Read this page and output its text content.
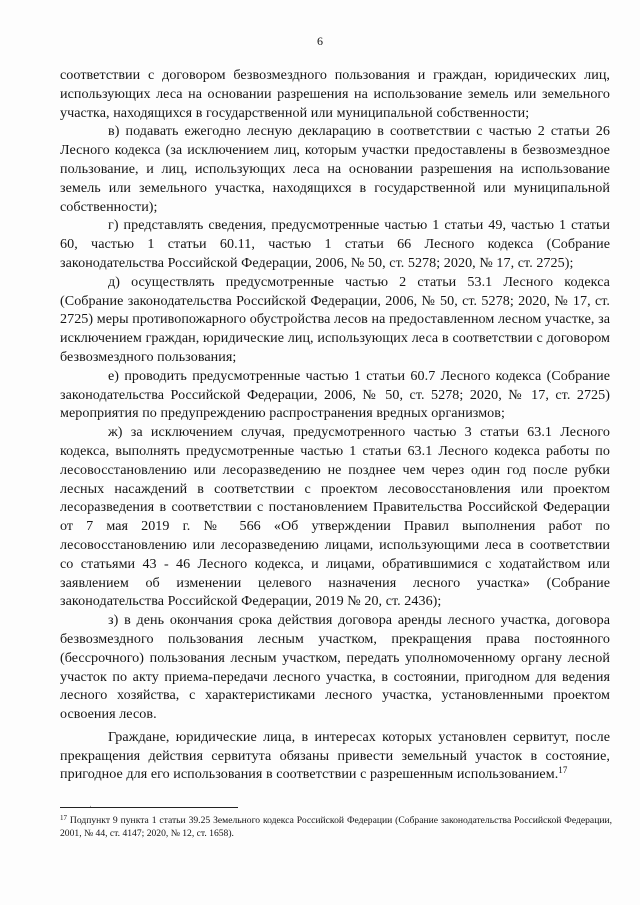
6

соответствии с договором безвозмездного пользования и граждан, юридических лиц, использующих леса на основании разрешения на использование земель или земельного участка, находящихся в государственной или муниципальной собственности;

в) подавать ежегодно лесную декларацию в соответствии с частью 2 статьи 26 Лесного кодекса (за исключением лиц, которым участки предоставлены в безвозмездное пользование, и лиц, использующих леса на основании разрешения на использование земель или земельного участка, находящихся в государственной или муниципальной собственности);

г) представлять сведения, предусмотренные частью 1 статьи 49, частью 1 статьи 60, частью 1 статьи 60.11, частью 1 статьи 66 Лесного кодекса (Собрание законодательства Российской Федерации, 2006, № 50, ст. 5278; 2020, № 17, ст. 2725);

д) осуществлять предусмотренные частью 2 статьи 53.1 Лесного кодекса (Собрание законодательства Российской Федерации, 2006, № 50, ст. 5278; 2020, № 17, ст. 2725) меры противопожарного обустройства лесов на предоставленном лесном участке, за исключением граждан, юридические лиц, использующих леса в соответствии с договором безвозмездного пользования;

е) проводить предусмотренные частью 1 статьи 60.7 Лесного кодекса (Собрание законодательства Российской Федерации, 2006, № 50, ст. 5278; 2020, № 17, ст. 2725) мероприятия по предупреждению распространения вредных организмов;

ж) за исключением случая, предусмотренного частью 3 статьи 63.1 Лесного кодекса, выполнять предусмотренные частью 1 статьи 63.1 Лесного кодекса работы по лесовосстановлению или лесоразведению не позднее чем через один год после рубки лесных насаждений в соответствии с проектом лесовосстановления или проектом лесоразведения в соответствии с постановлением Правительства Российской Федерации от 7 мая 2019 г. № 566 «Об утверждении Правил выполнения работ по лесовосстановлению или лесоразведению лицами, использующими леса в соответствии со статьями 43 - 46 Лесного кодекса, и лицами, обратившимися с ходатайством или заявлением об изменении целевого назначения лесного участка» (Собрание законодательства Российской Федерации, 2019 № 20, ст. 2436);

з) в день окончания срока действия договора аренды лесного участка, договора безвозмездного пользования лесным участком, прекращения права постоянного (бессрочного) пользования лесным участком, передать уполномоченному органу лесной участок по акту приема-передачи лесного участка, в состоянии, пригодном для ведения лесного хозяйства, с характеристиками лесного участка, установленными проектом освоения лесов.

Граждане, юридические лица, в интересах которых установлен сервитут, после прекращения действия сервитута обязаны привести земельный участок в состояние, пригодное для его использования в соответствии с разрешенным использованием.$^{17}$

ˌ
$^{17}$ Подпункт 9 пункта 1 статьи 39.25 Земельного кодекса Российской Федерации (Собрание законодательства Российской Федерации, 2001, № 44, ст. 4147; 2020, № 12, ст. 1658).
